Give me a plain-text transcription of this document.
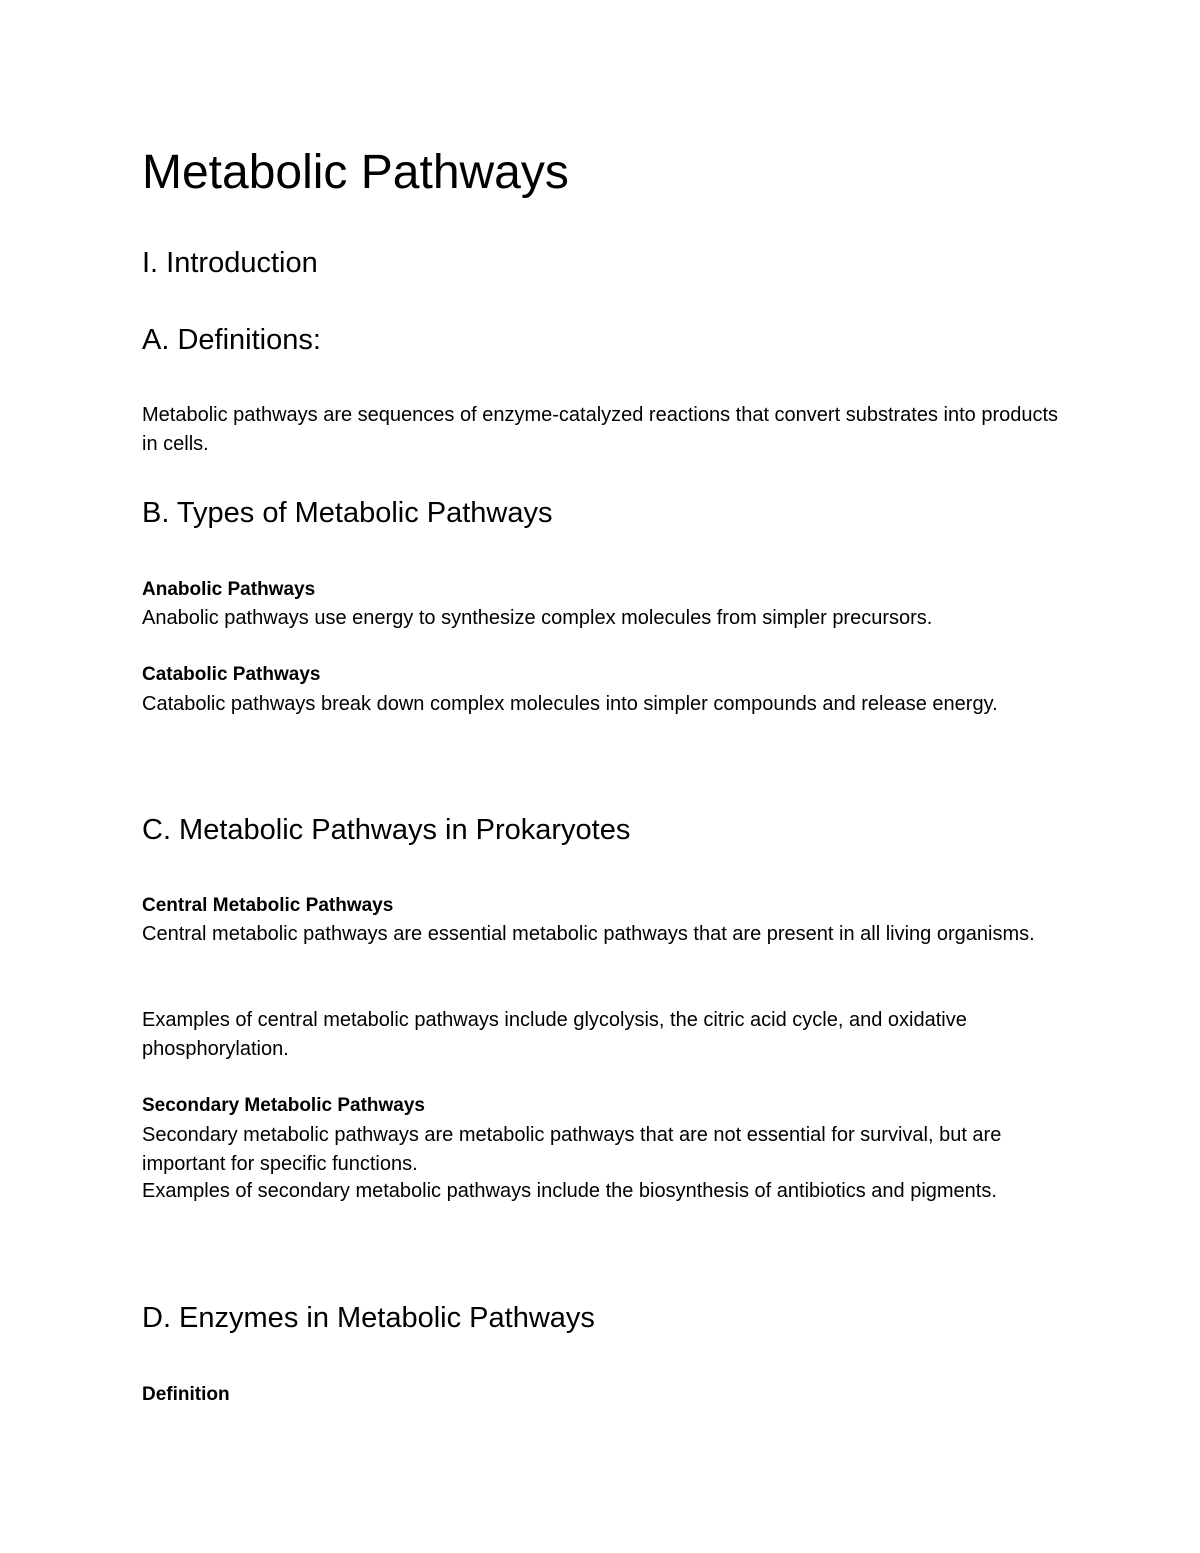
Metabolic Pathways
I. Introduction
A. Definitions:

Metabolic pathways are sequences of enzyme-catalyzed reactions that convert substrates into products in cells.

B. Types of Metabolic Pathways
Anabolic Pathways

Anabolic pathways use energy to synthesize complex molecules from simpler precursors.

Catabolic Pathways

Catabolic pathways break down complex molecules into simpler compounds and release energy.

C. Metabolic Pathways in Prokaryotes
Central Metabolic Pathways

Central metabolic pathways are essential metabolic pathways that are present in all living organisms.

Examples of central metabolic pathways include glycolysis, the citric acid cycle, and oxidative phosphorylation.

Secondary Metabolic Pathways

Secondary metabolic pathways are metabolic pathways that are not essential for survival, but are important for specific functions.

Examples of secondary metabolic pathways include the biosynthesis of antibiotics and pigments.

D. Enzymes in Metabolic Pathways
Definition
